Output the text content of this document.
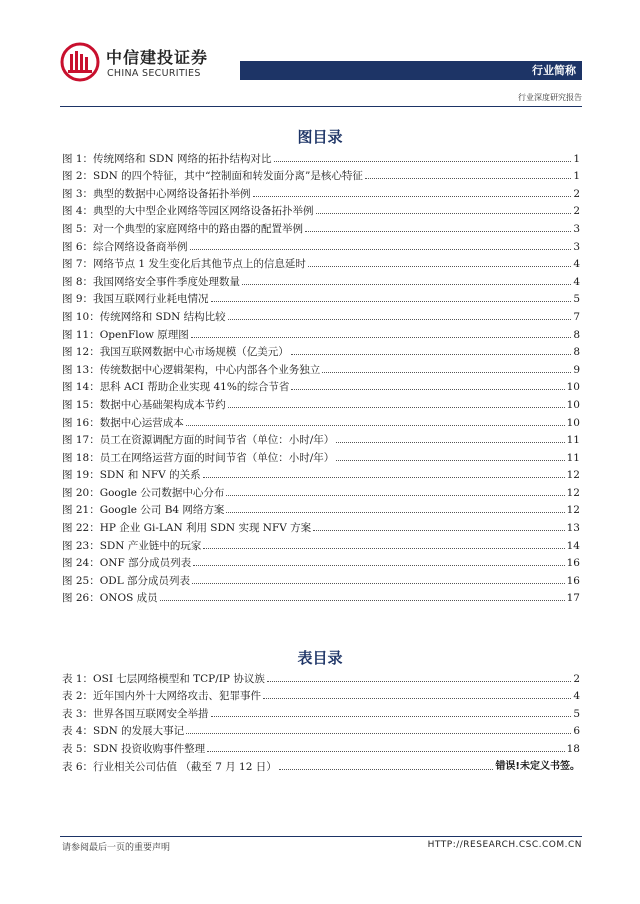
中信建投证券
CHINA SECURITIES	行业简称
行业深度研究报告
图目录
图 1：传统网络和 SDN 网络的拓扑结构对比	1
图 2：SDN 的四个特征，其中“控制面和转发面分离”是核心特征	1
图 3：典型的数据中心网络设备拓扑举例	2
图 4：典型的大中型企业网络等园区网络设备拓扑举例	2
图 5：对一个典型的家庭网络中的路由器的配置举例	3
图 6：综合网络设备商举例	3
图 7：网络节点 1 发生变化后其他节点上的信息延时	4
图 8：我国网络安全事件季度处理数量	4
图 9：我国互联网行业耗电情况	5
图 10：传统网络和 SDN 结构比较	7
图 11：OpenFlow 原理图	8
图 12：我国互联网数据中心市场规模（亿美元）	8
图 13：传统数据中心逻辑架构，中心内部各个业务独立	9
图 14：思科 ACI 帮助企业实现 41%的综合节省	10
图 15：数据中心基础架构成本节约	10
图 16：数据中心运营成本	10
图 17：员工在资源调配方面的时间节省（单位：小时/年）	11
图 18：员工在网络运营方面的时间节省（单位：小时/年）	11
图 19：SDN 和 NFV 的关系	12
图 20：Google 公司数据中心分布	12
图 21：Google 公司 B4 网络方案	12
图 22：HP 企业 Gi-LAN 利用 SDN 实现 NFV 方案	13
图 23：SDN 产业链中的玩家	14
图 24：ONF 部分成员列表	16
图 25：ODL 部分成员列表	16
图 26：ONOS 成员	17
表目录
表 1：OSI 七层网络模型和 TCP/IP 协议族	2
表 2：近年国内外十大网络攻击、犯罪事件	4
表 3：世界各国互联网安全举措	5
表 4：SDN 的发展大事记	6
表 5：SDN 投资收购事件整理	18
表 6：行业相关公司估值 （截至 7 月 12 日）	错误!未定义书签。
请参阅最后一页的重要声明	HTTP://RESEARCH.CSC.COM.CN
